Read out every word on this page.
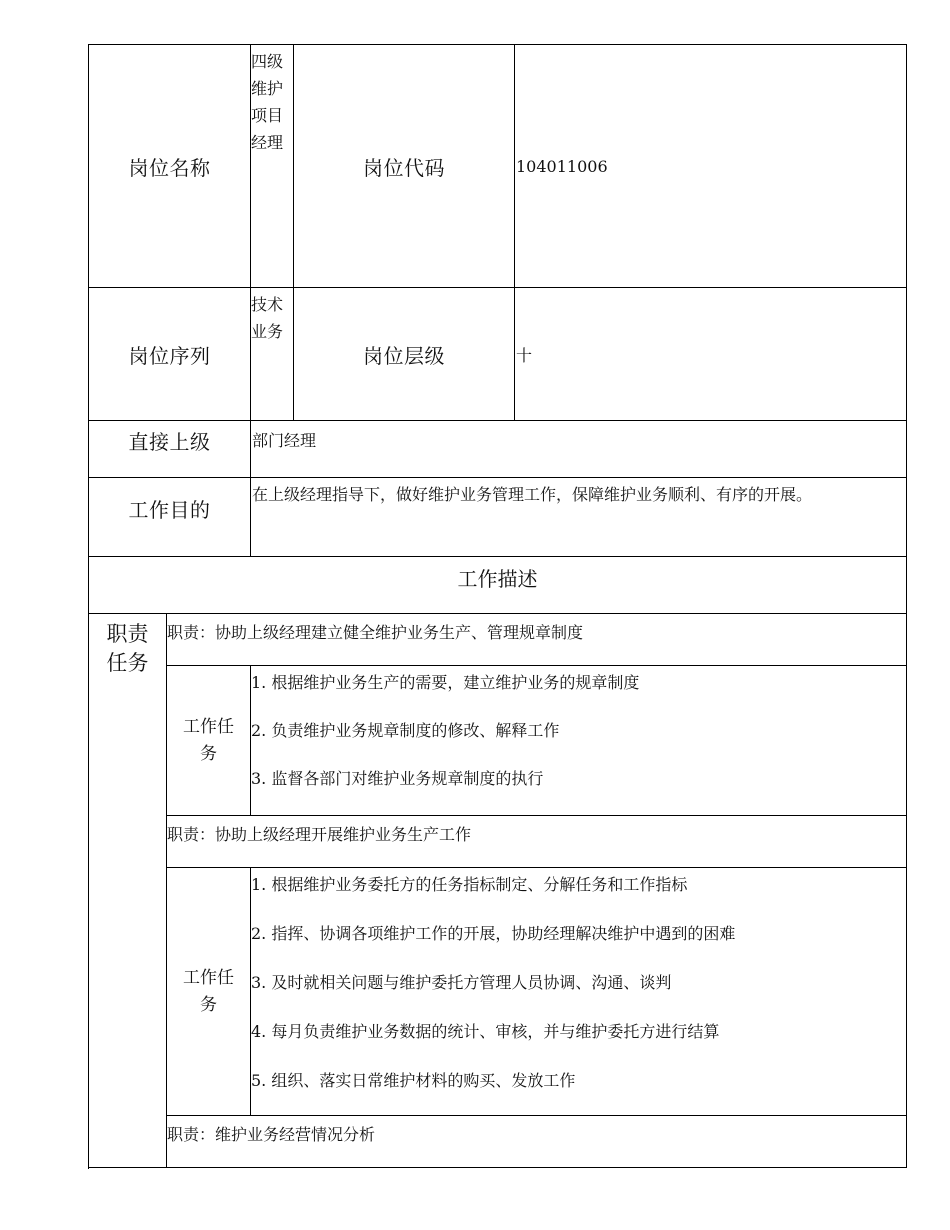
岗位名称		四级维护项目经理	岗位代码	104011006
岗位序列		技术业务	岗位层级	十
直接上级		部门经理		
工作目的		在上级经理指导下，做好维护业务管理工作，保障维护业务顺利、有序的开展。		
工作描述				

职责任务	职责：协助上级经理建立健全维护业务生产、管理规章制度			

	工作任务	1. 根据维护业务生产的需要，建立维护业务的规章制度

2. 负责维护业务规章制度的修改、解释工作

3. 监督各部门对维护业务规章制度的执行		

	职责：协助上级经理开展维护业务生产工作			

	工作任务	1. 根据维护业务委托方的任务指标制定、分解任务和工作指标

2. 指挥、协调各项维护工作的开展，协助经理解决维护中遇到的困难

3. 及时就相关问题与维护委托方管理人员协调、沟通、谈判

4. 每月负责维护业务数据的统计、审核，并与维护委托方进行结算

5. 组织、落实日常维护材料的购买、发放工作		

	职责：维护业务经营情况分析			
